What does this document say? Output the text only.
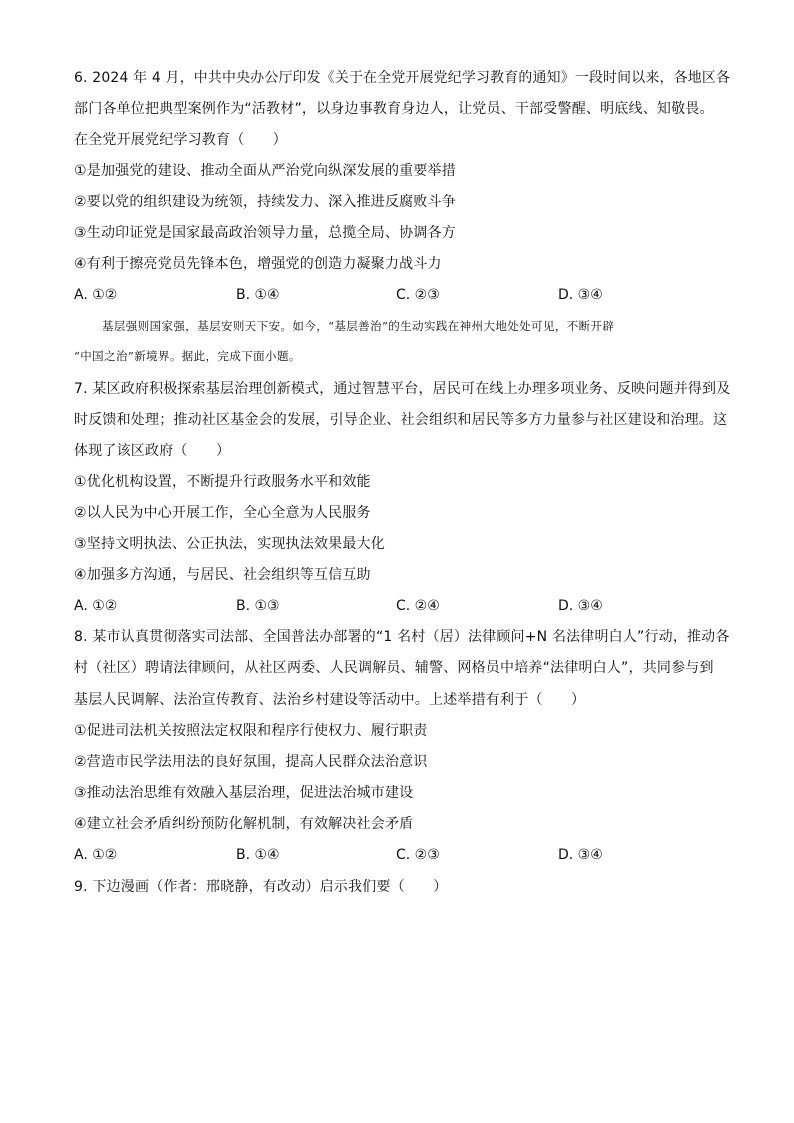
6. 2024 年 4 月，中共中央办公厅印发《关于在全党开展党纪学习教育的通知》一段时间以来，各地区各
部门各单位把典型案例作为“活教材”，以身边事教育身边人，让党员、干部受警醒、明底线、知敬畏。
在全党开展党纪学习教育（　　）
①是加强党的建设、推动全面从严治党向纵深发展的重要举措
②要以党的组织建设为统领，持续发力、深入推进反腐败斗争
③生动印证党是国家最高政治领导力量，总揽全局、协调各方
④有利于擦亮党员先锋本色，增强党的创造力凝聚力战斗力
A. ①②	B. ①④	C. ②③	D. ③④
基层强则国家强，基层安则天下安。如今，“基层善治”的生动实践在神州大地处处可见，不断开辟
“中国之治”新境界。据此，完成下面小题。
7. 某区政府积极探索基层治理创新模式，通过智慧平台，居民可在线上办理多项业务、反映问题并得到及
时反馈和处理；推动社区基金会的发展，引导企业、社会组织和居民等多方力量参与社区建设和治理。这
体现了该区政府（　　）
①优化机构设置，不断提升行政服务水平和效能
②以人民为中心开展工作，全心全意为人民服务
③坚持文明执法、公正执法，实现执法效果最大化
④加强多方沟通，与居民、社会组织等互信互助
A. ①②	B. ①③	C. ②④	D. ③④
8. 某市认真贯彻落实司法部、全国普法办部署的“1 名村（居）法律顾问+N 名法律明白人”行动，推动各
村（社区）聘请法律顾问，从社区两委、人民调解员、辅警、网格员中培养“法律明白人”，共同参与到
基层人民调解、法治宣传教育、法治乡村建设等活动中。上述举措有利于（　　）
①促进司法机关按照法定权限和程序行使权力、履行职责
②营造市民学法用法的良好氛围，提高人民群众法治意识
③推动法治思维有效融入基层治理，促进法治城市建设
④建立社会矛盾纠纷预防化解机制，有效解决社会矛盾
A. ①②	B. ①④	C. ②③	D. ③④
9. 下边漫画（作者：邢晓静，有改动）启示我们要（　　）
